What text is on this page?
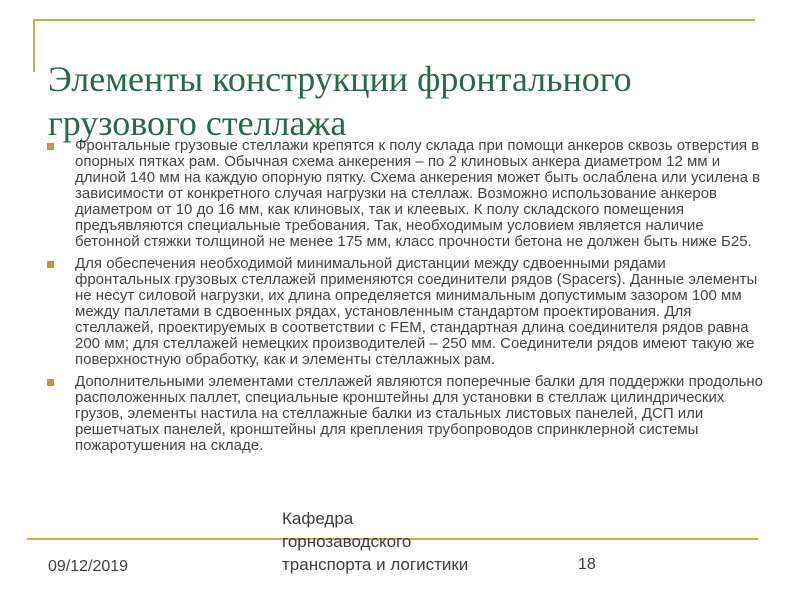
Элементы конструкции фронтального грузового стеллажа
Фронтальные грузовые стеллажи крепятся к полу склада при помощи анкеров сквозь отверстия в опорных пятках рам. Обычная схема анкерения – по 2 клиновых анкера диаметром 12 мм и длиной 140 мм на каждую опорную пятку. Схема анкерения может быть ослаблена или усилена в зависимости от конкретного случая нагрузки на стеллаж. Возможно использование анкеров диаметром от 10 до 16 мм, как клиновых, так и клеевых. К полу складского помещения предъявляются специальные требования. Так, необходимым условием является наличие бетонной стяжки толщиной не менее 175 мм, класс прочности бетона не должен быть ниже Б25.
Для обеспечения необходимой минимальной дистанции между сдвоенными рядами фронтальных грузовых стеллажей применяются соединители рядов (Spacers). Данные элементы не несут силовой нагрузки, их длина определяется минимальным допустимым зазором 100 мм между паллетами в сдвоенных рядах, установленным стандартом проектирования. Для стеллажей, проектируемых в соответствии с FEM, стандартная длина соединителя рядов равна 200 мм; для стеллажей немецких производителей – 250 мм. Соединители рядов имеют такую же поверхностную обработку, как и элементы стеллажных рам.
Дополнительными элементами стеллажей являются поперечные балки для поддержки продольно расположенных паллет, специальные кронштейны для установки в стеллаж цилиндрических грузов, элементы настила на стеллажные балки из стальных листовых панелей, ДСП или решетчатых панелей, кронштейны для крепления трубопроводов спринклерной системы пожаротушения на складе.
09/12/2019
Кафедра горнозаводского транспорта и логистики	18
